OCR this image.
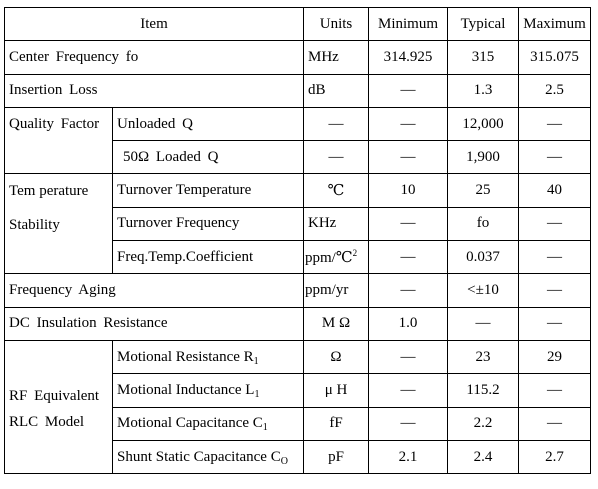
Item		Units	Minimum	Typical	Maximum
Center Frequency fo		MHz	314.925	315	315.075
Insertion Loss		dB	—	1.3	2.5
Quality Factor	Unloaded Q	—	—	12,000	—
	50Ω Loaded Q	—	—	1,900	—

Tem perature
Stability	Turnover Temperature	℃	10	25	40
	Turnover Frequency	KHz	—	fo	—
	Freq.Temp.Coefficient	ppm/℃$^2$	—	0.037	—
Frequency Aging		ppm/yr	—	<±10	—
DC Insulation Resistance		M Ω	1.0	—	—

RF Equivalent
RLC Model	Motional Resistance $R_1$	Ω	—	23	29
	Motional Inductance $L_1$	μ H	—	115.2	—
	Motional Capacitance $C_1$	fF	—	2.2	—
	Shunt Static Capacitance $C_O$	pF	2.1	2.4	2.7
